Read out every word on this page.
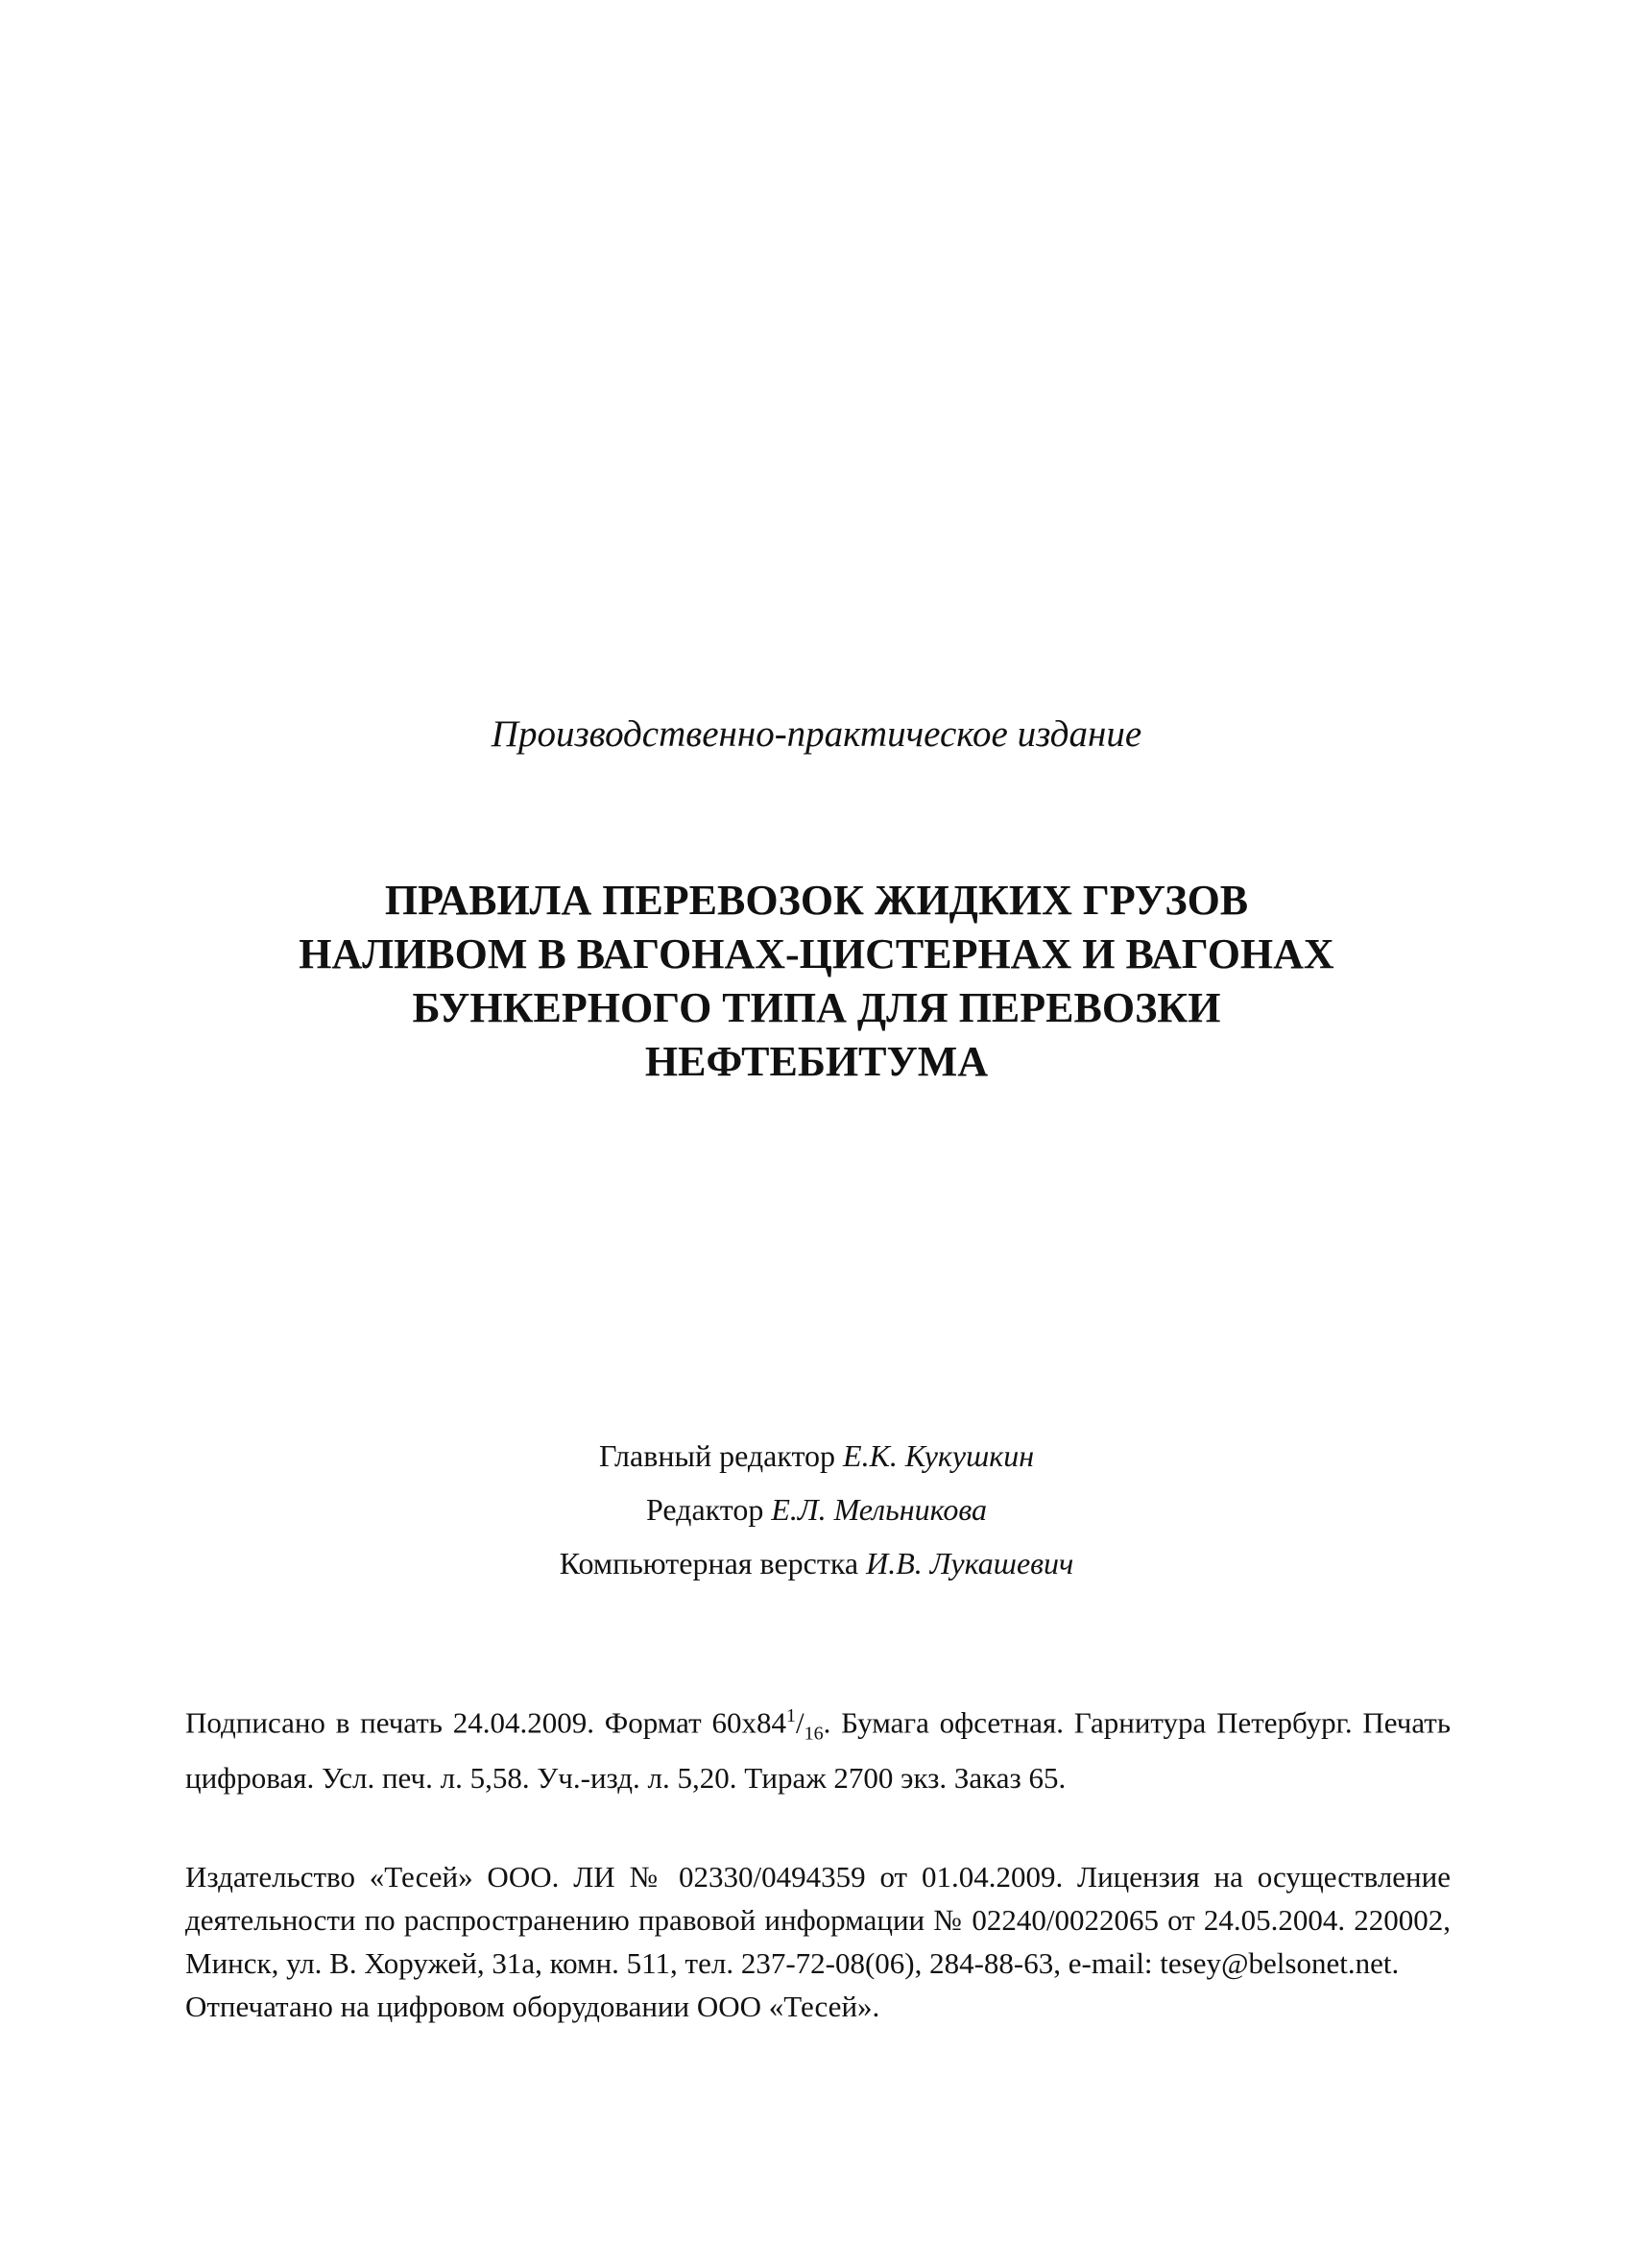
Производственно-практическое издание
ПРАВИЛА ПЕРЕВОЗОК ЖИДКИХ ГРУЗОВ
НАЛИВОМ В ВАГОНАХ-ЦИСТЕРНАХ И ВАГОНАХ
БУНКЕРНОГО ТИПА ДЛЯ ПЕРЕВОЗКИ
НЕФТЕБИТУМА
Главный редактор Е.К. Кукушкин
Редактор Е.Л. Мельникова
Компьютерная верстка И.В. Лукашевич
Подписано в печать 24.04.2009. Формат $60x84^1/_{16}$. Бумага офсетная. Гарнитура Петербург. Печать цифровая. Усл. печ. л. 5,58. Уч.-изд. л. 5,20. Тираж 2700 экз. Заказ 65.
Издательство «Тесей» ООО. ЛИ № 02330/0494359 от 01.04.2009. Лицензия на осуществление деятельности по распространению правовой информации № 02240/0022065 от 24.05.2004. 220002, Минск, ул. В. Хоружей, 31а, комн. 511, тел. 237-72-08(06), 284-88-63, e-mail: tesey@belsonet.net.
Отпечатано на цифровом оборудовании ООО «Тесей».
